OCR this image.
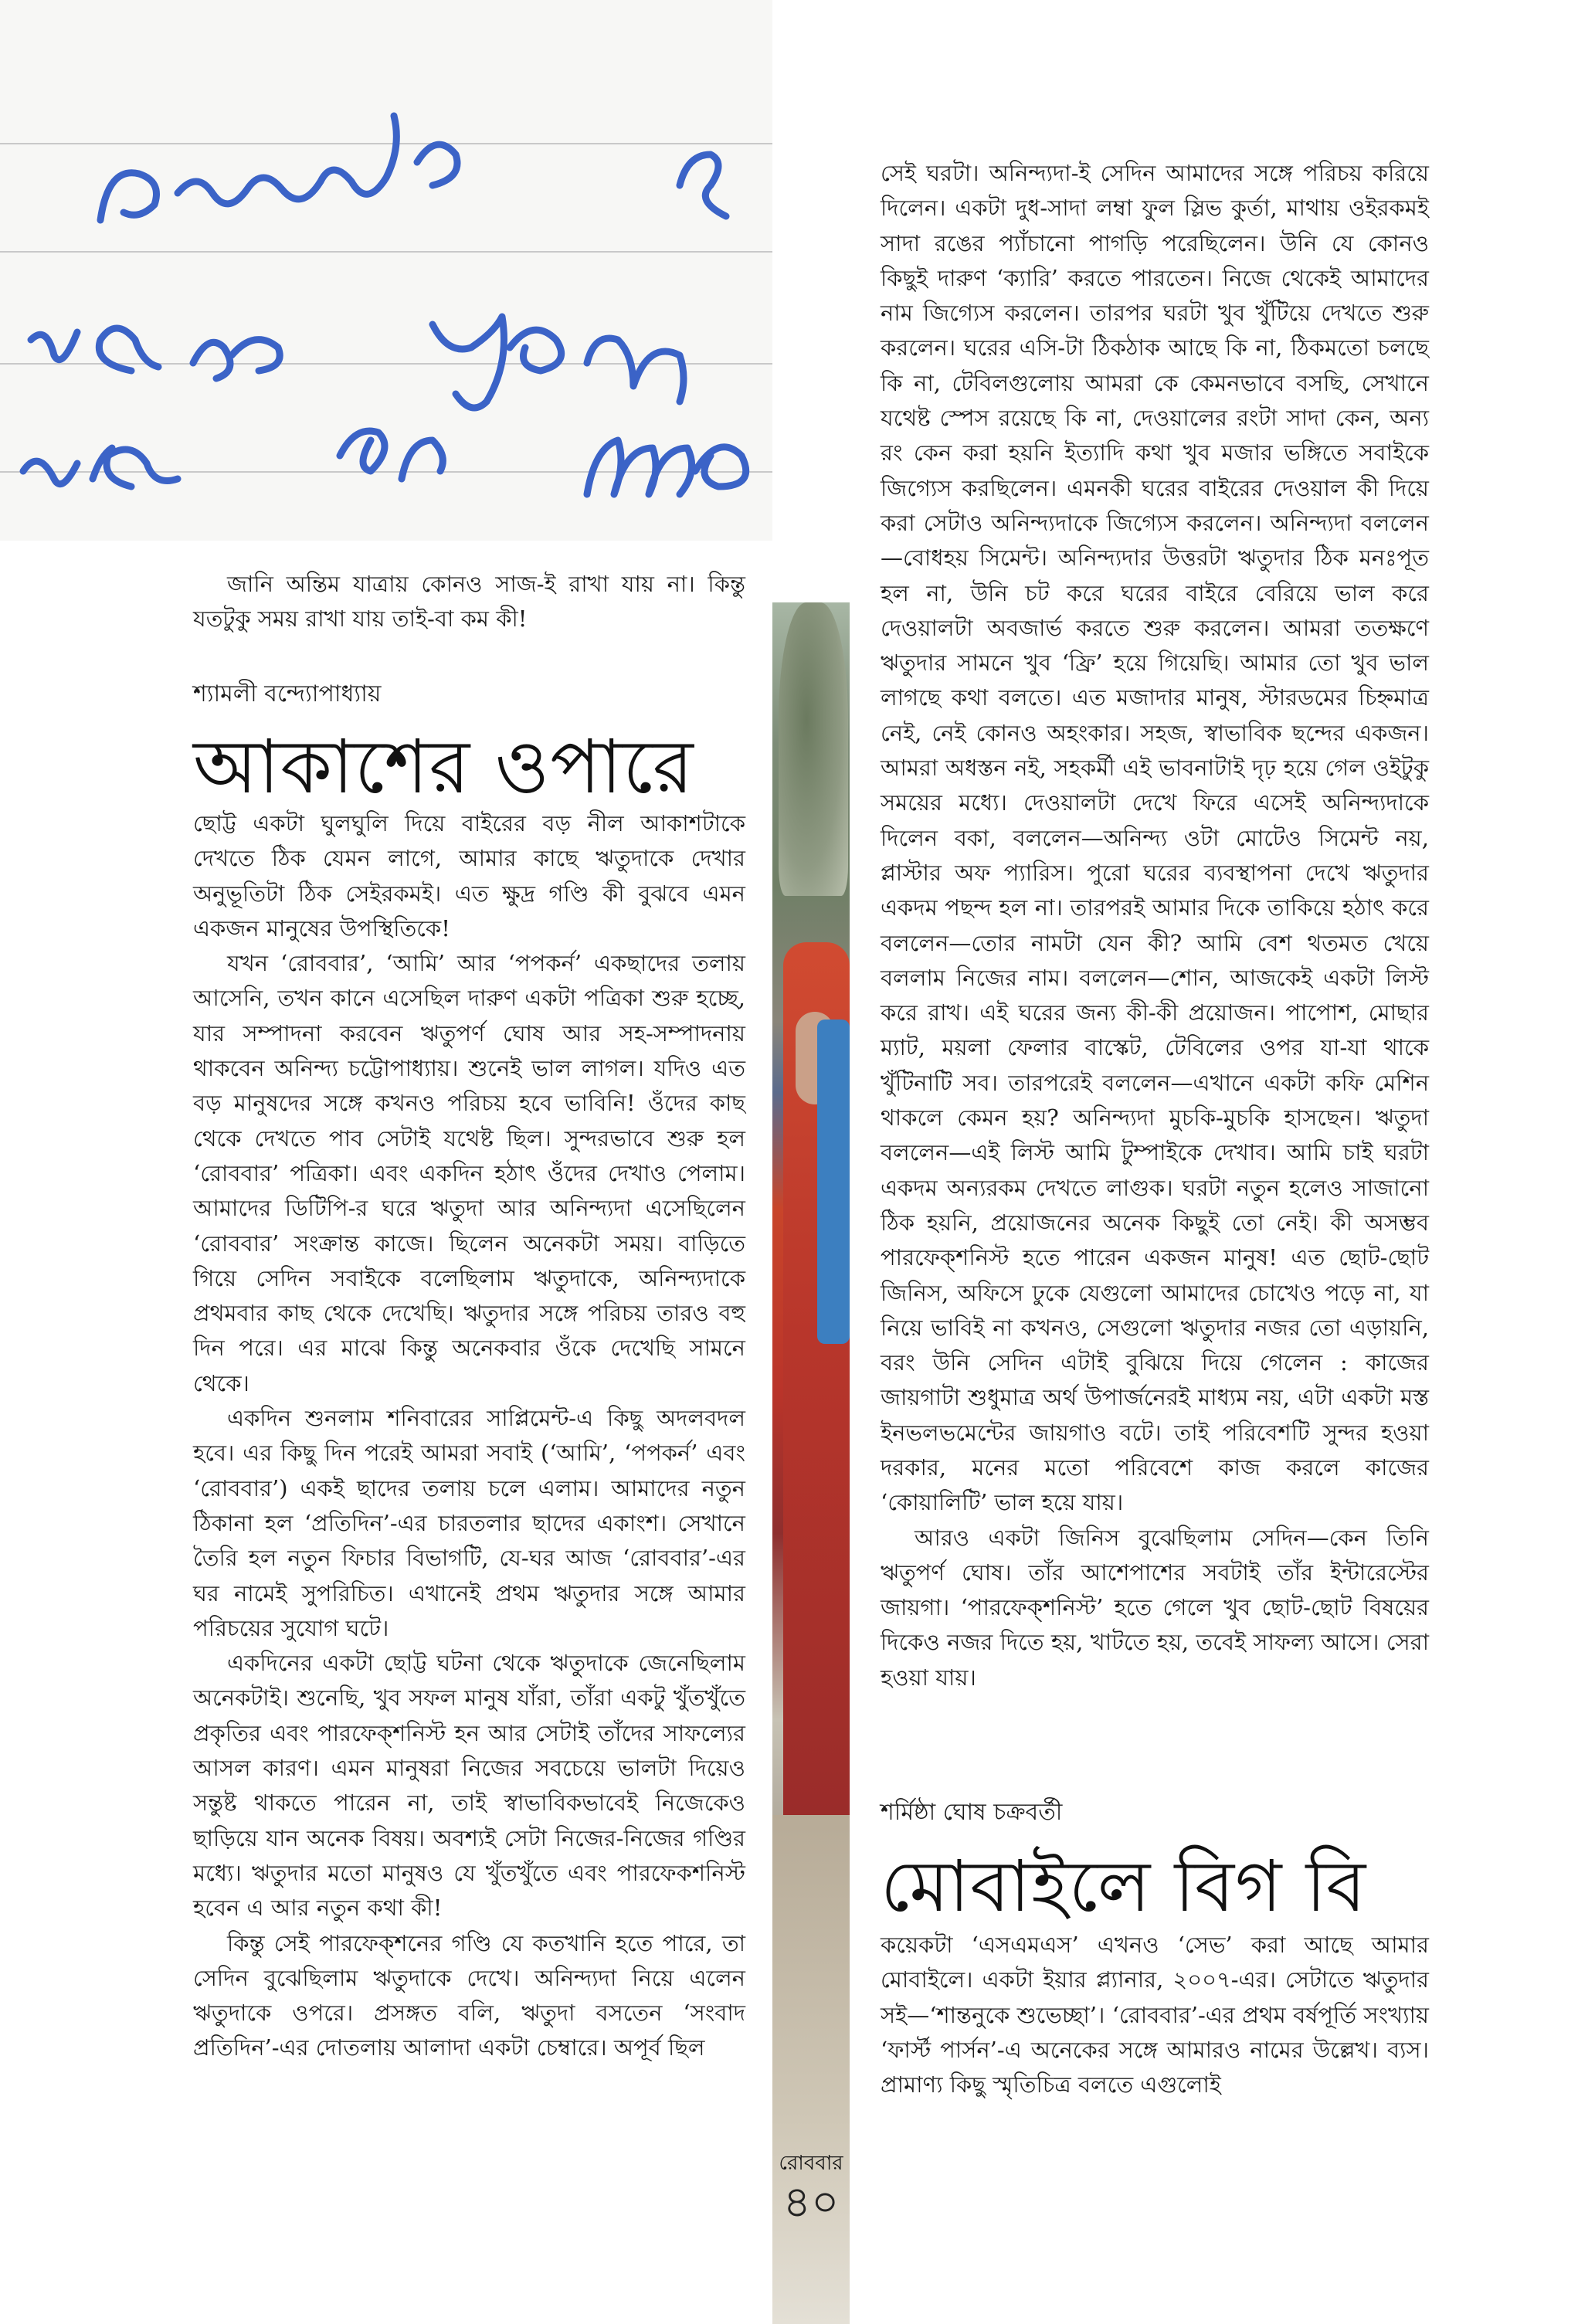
জানি অন্তিম যাত্রায় কোনও সাজ-ই রাখা যায় না। কিন্তু যতটুকু সময় রাখা যায় তাই-বা কম কী!

শ্যামলী বন্দ্যোপাধ্যায়
আকাশের ওপারে

ছোট্ট একটা ঘুলঘুলি দিয়ে বাইরের বড় নীল আকাশটাকে দেখতে ঠিক যেমন লাগে, আমার কাছে ঋতুদাকে দেখার অনুভূতিটা ঠিক সেইরকমই। এত ক্ষুদ্র গণ্ডি কী বুঝবে এমন একজন মানুষের উপস্থিতিকে!

যখন ‘রোববার’, ‘আমি’ আর ‘পপকর্ন’ একছাদের তলায় আসেনি, তখন কানে এসেছিল দারুণ একটা পত্রিকা শুরু হচ্ছে, যার সম্পাদনা করবেন ঋতুপর্ণ ঘোষ আর সহ-সম্পাদনায় থাকবেন অনিন্দ্য চট্টোপাধ্যায়। শুনেই ভাল লাগল। যদিও এত বড় মানুষদের সঙ্গে কখনও পরিচয় হবে ভাবিনি! ওঁদের কাছ থেকে দেখতে পাব সেটাই যথেষ্ট ছিল। সুন্দরভাবে শুরু হল ‘রোববার’ পত্রিকা। এবং একদিন হঠাৎ ওঁদের দেখাও পেলাম। আমাদের ডিটিপি-র ঘরে ঋতুদা আর অনিন্দ্যদা এসেছিলেন ‘রোববার’ সংক্রান্ত কাজে। ছিলেন অনেকটা সময়। বাড়িতে গিয়ে সেদিন সবাইকে বলেছিলাম ঋতুদাকে, অনিন্দ্যদাকে প্রথমবার কাছ থেকে দেখেছি। ঋতুদার সঙ্গে পরিচয় তারও বহু দিন পরে। এর মাঝে কিন্তু অনেকবার ওঁকে দেখেছি সামনে থেকে।

একদিন শুনলাম শনিবারের সাপ্লিমেন্ট-এ কিছু অদলবদল হবে। এর কিছু দিন পরেই আমরা সবাই (‘আমি’, ‘পপকর্ন’ এবং ‘রোববার’) একই ছাদের তলায় চলে এলাম। আমাদের নতুন ঠিকানা হল ‘প্রতিদিন’-এর চারতলার ছাদের একাংশ। সেখানে তৈরি হল নতুন ফিচার বিভাগটি, যে-ঘর আজ ‘রোববার’-এর ঘর নামেই সুপরিচিত। এখানেই প্রথম ঋতুদার সঙ্গে আমার পরিচয়ের সুযোগ ঘটে।

একদিনের একটা ছোট্ট ঘটনা থেকে ঋতুদাকে জেনেছিলাম অনেকটাই। শুনেছি, খুব সফল মানুষ যাঁরা, তাঁরা একটু খুঁতখুঁতে প্রকৃতির এবং পারফেক্শনিস্ট হন আর সেটাই তাঁদের সাফল্যের আসল কারণ। এমন মানুষরা নিজের সবচেয়ে ভালটা দিয়েও সন্তুষ্ট থাকতে পারেন না, তাই স্বাভাবিকভাবেই নিজেকেও ছাড়িয়ে যান অনেক বিষয়। অবশ্যই সেটা নিজের-নিজের গণ্ডির মধ্যে। ঋতুদার মতো মানুষও যে খুঁতখুঁতে এবং পারফেকশনিস্ট হবেন এ আর নতুন কথা কী!

কিন্তু সেই পারফেক্শনের গণ্ডি যে কতখানি হতে পারে, তা সেদিন বুঝেছিলাম ঋতুদাকে দেখে। অনিন্দ্যদা নিয়ে এলেন ঋতুদাকে ওপরে। প্রসঙ্গত বলি, ঋতুদা বসতেন ‘সংবাদ প্রতিদিন’-এর দোতলায় আলাদা একটা চেম্বারে। অপূর্ব ছিল

সেই ঘরটা। অনিন্দ্যদা-ই সেদিন আমাদের সঙ্গে পরিচয় করিয়ে দিলেন। একটা দুধ-সাদা লম্বা ফুল স্লিভ কুর্তা, মাথায় ওইরকমই সাদা রঙের প্যাঁচানো পাগড়ি পরেছিলেন। উনি যে কোনও কিছুই দারুণ ‘ক্যারি’ করতে পারতেন। নিজে থেকেই আমাদের নাম জিগ্যেস করলেন। তারপর ঘরটা খুব খুঁটিয়ে দেখতে শুরু করলেন। ঘরের এসি-টা ঠিকঠাক আছে কি না, ঠিকমতো চলছে কি না, টেবিলগুলোয় আমরা কে কেমনভাবে বসছি, সেখানে যথেষ্ট স্পেস রয়েছে কি না, দেওয়ালের রংটা সাদা কেন, অন্য রং কেন করা হয়নি ইত্যাদি কথা খুব মজার ভঙ্গিতে সবাইকে জিগ্যেস করছিলেন। এমনকী ঘরের বাইরের দেওয়াল কী দিয়ে করা সেটাও অনিন্দ্যদাকে জিগ্যেস করলেন। অনিন্দ্যদা বললেন—বোধহয় সিমেন্ট। অনিন্দ্যদার উত্তরটা ঋতুদার ঠিক মনঃপূত হল না, উনি চট করে ঘরের বাইরে বেরিয়ে ভাল করে দেওয়ালটা অবজার্ভ করতে শুরু করলেন। আমরা ততক্ষণে ঋতুদার সামনে খুব ‘ফ্রি’ হয়ে গিয়েছি। আমার তো খুব ভাল লাগছে কথা বলতে। এত মজাদার মানুষ, স্টারডমের চিহ্নমাত্র নেই, নেই কোনও অহংকার। সহজ, স্বাভাবিক ছন্দের একজন। আমরা অধস্তন নই, সহকর্মী এই ভাবনাটাই দৃঢ় হয়ে গেল ওইটুকু সময়ের মধ্যে। দেওয়ালটা দেখে ফিরে এসেই অনিন্দ্যদাকে দিলেন বকা, বললেন—অনিন্দ্য ওটা মোটেও সিমেন্ট নয়, প্লাস্টার অফ প্যারিস। পুরো ঘরের ব্যবস্থাপনা দেখে ঋতুদার একদম পছন্দ হল না। তারপরই আমার দিকে তাকিয়ে হঠাৎ করে বললেন—তোর নামটা যেন কী? আমি বেশ থতমত খেয়ে বললাম নিজের নাম। বললেন—শোন, আজকেই একটা লিস্ট করে রাখ। এই ঘরের জন্য কী-কী প্রয়োজন। পাপোশ, মোছার ম্যাট, ময়লা ফেলার বাস্কেট, টেবিলের ওপর যা-যা থাকে খুঁটিনাটি সব। তারপরেই বললেন—এখানে একটা কফি মেশিন থাকলে কেমন হয়? অনিন্দ্যদা মুচকি-মুচকি হাসছেন। ঋতুদা বললেন—এই লিস্ট আমি টুম্পাইকে দেখাব। আমি চাই ঘরটা একদম অন্যরকম দেখতে লাগুক। ঘরটা নতুন হলেও সাজানো ঠিক হয়নি, প্রয়োজনের অনেক কিছুই তো নেই। কী অসম্ভব পারফেক্শনিস্ট হতে পারেন একজন মানুষ! এত ছোট-ছোট জিনিস, অফিসে ঢুকে যেগুলো আমাদের চোখেও পড়ে না, যা নিয়ে ভাবিই না কখনও, সেগুলো ঋতুদার নজর তো এড়ায়নি, বরং উনি সেদিন এটাই বুঝিয়ে দিয়ে গেলেন : কাজের জায়গাটা শুধুমাত্র অর্থ উপার্জনেরই মাধ্যম নয়, এটা একটা মস্ত ইনভলভমেন্টের জায়গাও বটে। তাই পরিবেশটি সুন্দর হওয়া দরকার, মনের মতো পরিবেশে কাজ করলে কাজের ‘কোয়ালিটি’ ভাল হয়ে যায়।

আরও একটা জিনিস বুঝেছিলাম সেদিন—কেন তিনি ঋতুপর্ণ ঘোষ। তাঁর আশেপাশের সবটাই তাঁর ইন্টারেস্টের জায়গা। ‘পারফেক্শনিস্ট’ হতে গেলে খুব ছোট-ছোট বিষয়ের দিকেও নজর দিতে হয়, খাটতে হয়, তবেই সাফল্য আসে। সেরা হওয়া যায়।

শর্মিষ্ঠা ঘোষ চক্রবর্তী
মোবাইলে বিগ বি

কয়েকটা ‘এসএমএস’ এখনও ‘সেভ’ করা আছে আমার মোবাইলে। একটা ইয়ার প্ল্যানার, ২০০৭-এর। সেটাতে ঋতুদার সই—‘শান্তনুকে শুভেচ্ছা’। ‘রোববার’-এর প্রথম বর্ষপূর্তি সংখ্যায় ‘ফার্স্ট পার্সন’-এ অনেকের সঙ্গে আমারও নামের উল্লেখ। ব্যস। প্রামাণ্য কিছু স্মৃতিচিত্র বলতে এগুলোই

রোববার
৪০
